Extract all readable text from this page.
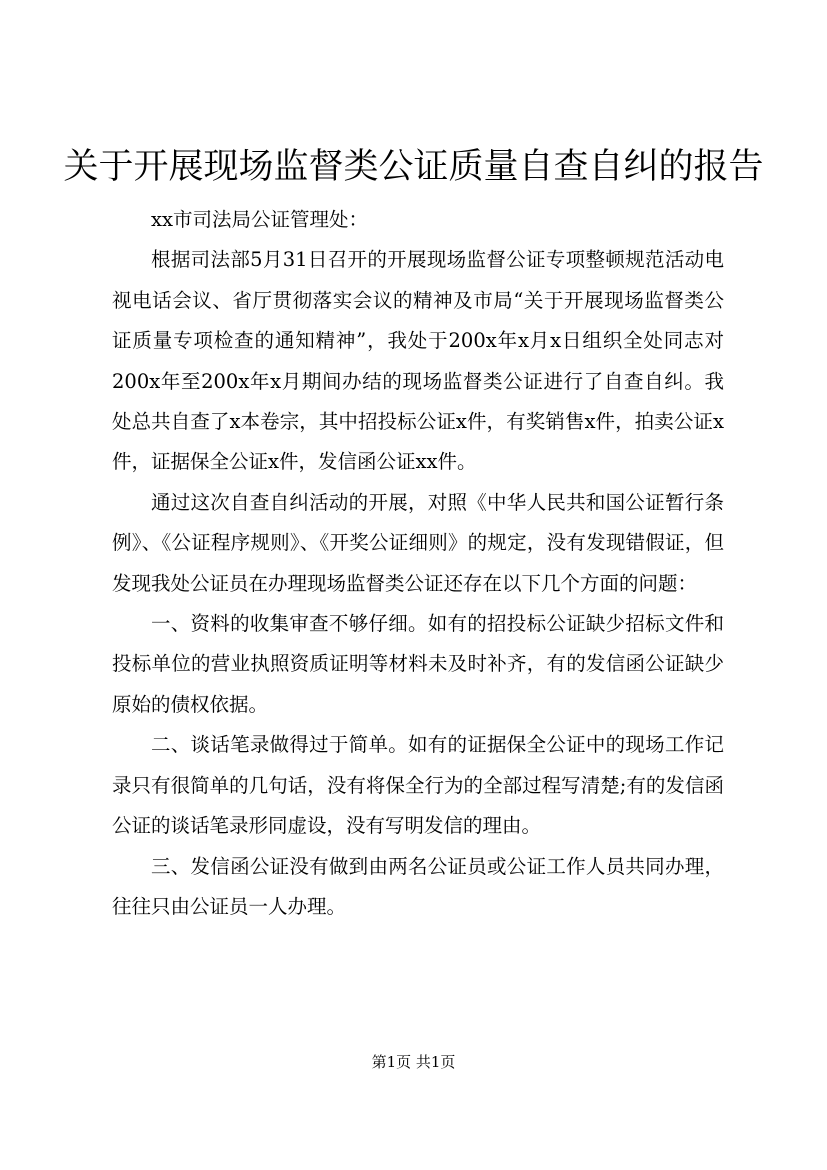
关于开展现场监督类公证质量自查自纠的报告

xx市司法局公证管理处：

根据司法部5月31日召开的开展现场监督公证专项整顿规范活动电视电话会议、省厅贯彻落实会议的精神及市局“关于开展现场监督类公证质量专项检查的通知精神”，我处于200x年x月x日组织全处同志对200x年至200x年x月期间办结的现场监督类公证进行了自查自纠。我处总共自查了x本卷宗，其中招投标公证x件，有奖销售x件，拍卖公证x件，证据保全公证x件，发信函公证xx件。

通过这次自查自纠活动的开展，对照《中华人民共和国公证暂行条例》、《公证程序规则》、《开奖公证细则》的规定，没有发现错假证，但发现我处公证员在办理现场监督类公证还存在以下几个方面的问题：

一、资料的收集审查不够仔细。如有的招投标公证缺少招标文件和投标单位的营业执照资质证明等材料未及时补齐，有的发信函公证缺少原始的债权依据。

二、谈话笔录做得过于简单。如有的证据保全公证中的现场工作记录只有很简单的几句话，没有将保全行为的全部过程写清楚;有的发信函公证的谈话笔录形同虚设，没有写明发信的理由。

三、发信函公证没有做到由两名公证员或公证工作人员共同办理，往往只由公证员一人办理。

第1页 共1页
